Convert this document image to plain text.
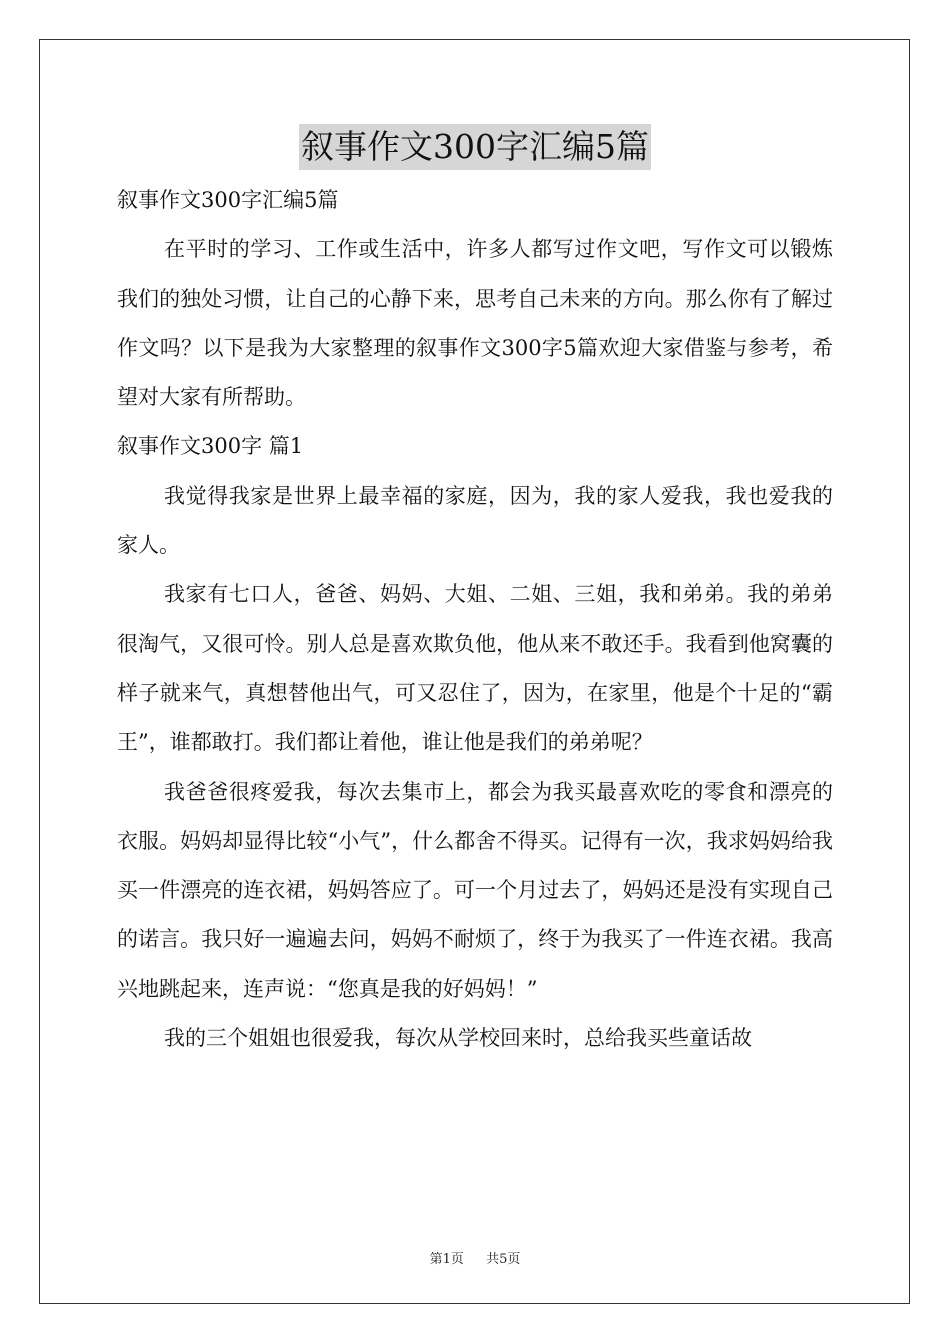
叙事作文300字汇编5篇

叙事作文300字汇编5篇

在平时的学习、工作或生活中，许多人都写过作文吧，写作文可以锻炼我们的独处习惯，让自己的心静下来，思考自己未来的方向。那么你有了解过作文吗？以下是我为大家整理的叙事作文300字5篇欢迎大家借鉴与参考，希望对大家有所帮助。

叙事作文300字 篇1

我觉得我家是世界上最幸福的家庭，因为，我的家人爱我，我也爱我的家人。

我家有七口人，爸爸、妈妈、大姐、二姐、三姐，我和弟弟。我的弟弟很淘气，又很可怜。别人总是喜欢欺负他，他从来不敢还手。我看到他窝囊的样子就来气，真想替他出气，可又忍住了，因为，在家里，他是个十足的“霸王”，谁都敢打。我们都让着他，谁让他是我们的弟弟呢？

我爸爸很疼爱我，每次去集市上，都会为我买最喜欢吃的零食和漂亮的衣服。妈妈却显得比较“小气”，什么都舍不得买。记得有一次，我求妈妈给我买一件漂亮的连衣裙，妈妈答应了。可一个月过去了，妈妈还是没有实现自己的诺言。我只好一遍遍去问，妈妈不耐烦了，终于为我买了一件连衣裙。我高兴地跳起来，连声说：“您真是我的好妈妈！”

我的三个姐姐也很爱我，每次从学校回来时，总给我买些童话故

第1页 共5页
